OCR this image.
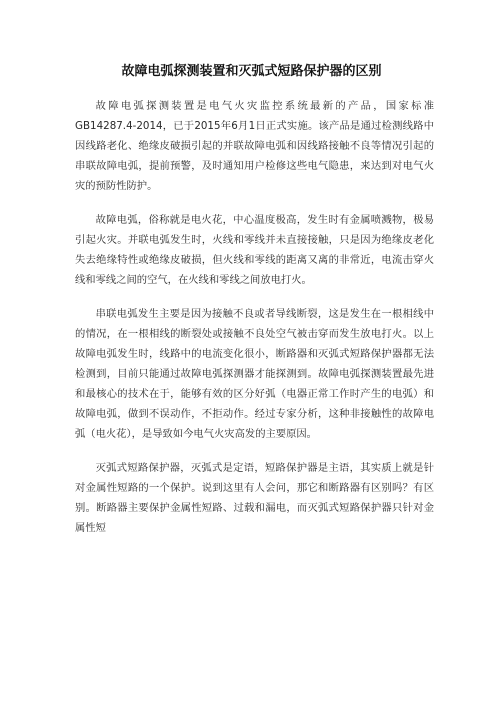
故障电弧探测装置和灭弧式短路保护器的区别

故障电弧探测装置是电气火灾监控系统最新的产品，国家标准GB14287.4-2014，已于2015年6月1日正式实施。该产品是通过检测线路中因线路老化、绝缘皮破损引起的并联故障电弧和因线路接触不良等情况引起的串联故障电弧，提前预警，及时通知用户检修这些电气隐患，来达到对电气火灾的预防性防护。

故障电弧，俗称就是电火花，中心温度极高，发生时有金属喷溅物，极易引起火灾。并联电弧发生时，火线和零线并未直接接触，只是因为绝缘皮老化失去绝缘特性或绝缘皮破损，但火线和零线的距离又离的非常近，电流击穿火线和零线之间的空气，在火线和零线之间放电打火。

串联电弧发生主要是因为接触不良或者导线断裂，这是发生在一根相线中的情况，在一根相线的断裂处或接触不良处空气被击穿而发生放电打火。以上故障电弧发生时，线路中的电流变化很小，断路器和灭弧式短路保护器都无法检测到，目前只能通过故障电弧探测器才能探测到。故障电弧探测装置最先进和最核心的技术在于，能够有效的区分好弧（电器正常工作时产生的电弧）和故障电弧，做到不误动作，不拒动作。经过专家分析，这种非接触性的故障电弧（电火花），是导致如今电气火灾高发的主要原因。

灭弧式短路保护器，灭弧式是定语，短路保护器是主语，其实质上就是针对金属性短路的一个保护。说到这里有人会问，那它和断路器有区别吗？有区别。断路器主要保护金属性短路、过载和漏电，而灭弧式短路保护器只针对金属性短
